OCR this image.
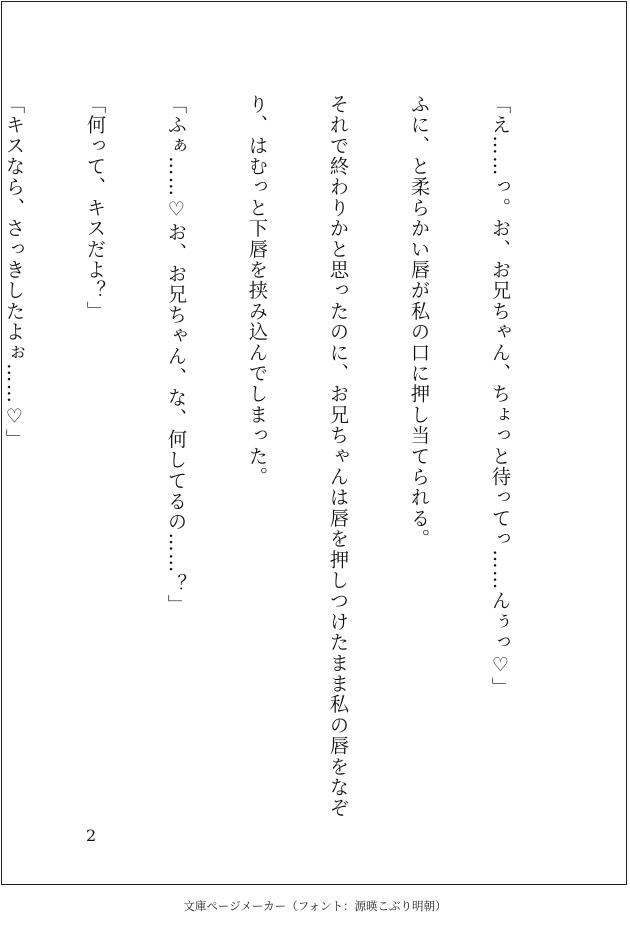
「え……っ。お、お兄ちゃん、ちょっと待ってっ……んぅっ♡」

ふに、と柔らかい唇が私の口に押し当てられる。

それで終わりかと思ったのに、お兄ちゃんは唇を押しつけたまま私の唇をなぞ

り、はむっと下唇を挟み込んでしまった。

「ふぁ……♡お、お兄ちゃん、な、何してるの……？」

「何って、キスだよ？」

「キスなら、さっきしたよぉ……♡」

2
文庫ページメーカー（フォント：源暎こぶり明朝）
